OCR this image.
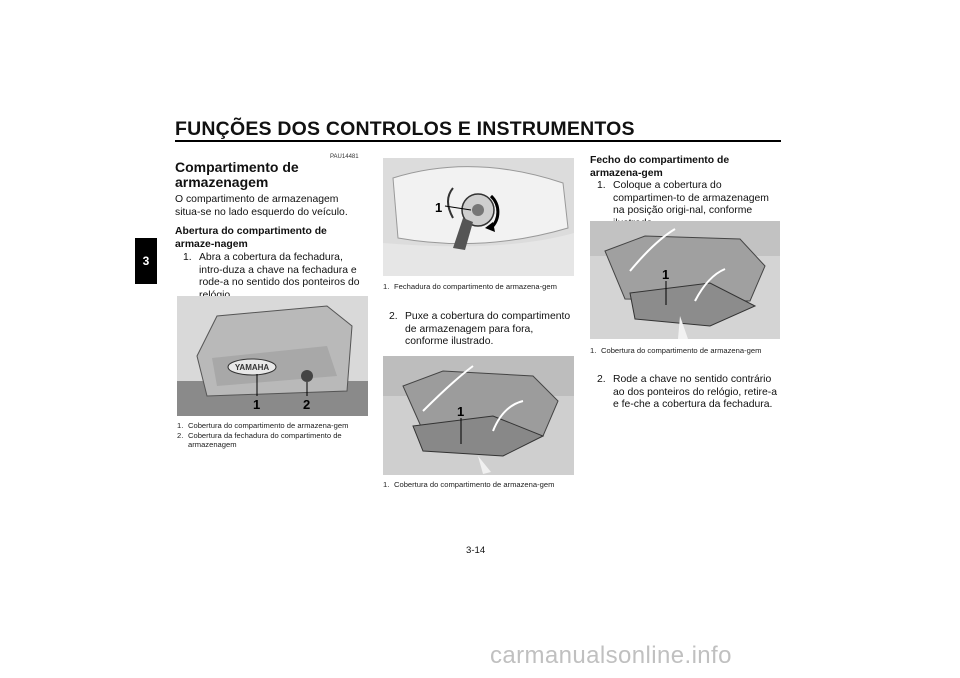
FUNÇÕES DOS CONTROLOS E INSTRUMENTOS
3
PAU14481
Compartimento de armazenagem
O compartimento de armazenagem situa-se no lado esquerdo do veículo.
Abertura do compartimento de armaze-nagem
1. Abra a cobertura da fechadura, intro-duza a chave na fechadura e rode-a no sentido dos ponteiros do
YAMAHA
1	2
1. Cobertura do compartimento de armazena-gem
2. Cobertura da fechadura do compartimento de armazenagem
1
1. Fechadura do compartimento de armazena-gem
2. Puxe a cobertura do compartimento de armazenagem para fora, conforme ilustrado.
1
1. Cobertura do compartimento de armazena-gem
Fecho do compartimento de armazena-gem
1. Coloque a cobertura do compartimen-to de armazenagem na posição origi-nal, conforme
1
1. Cobertura do compartimento de armazena-gem
2. Rode a chave no sentido contrário ao dos ponteiros do relógio, retire-a e fe-che a cobertura da fechadura.
3-14
carmanualsonline.info
